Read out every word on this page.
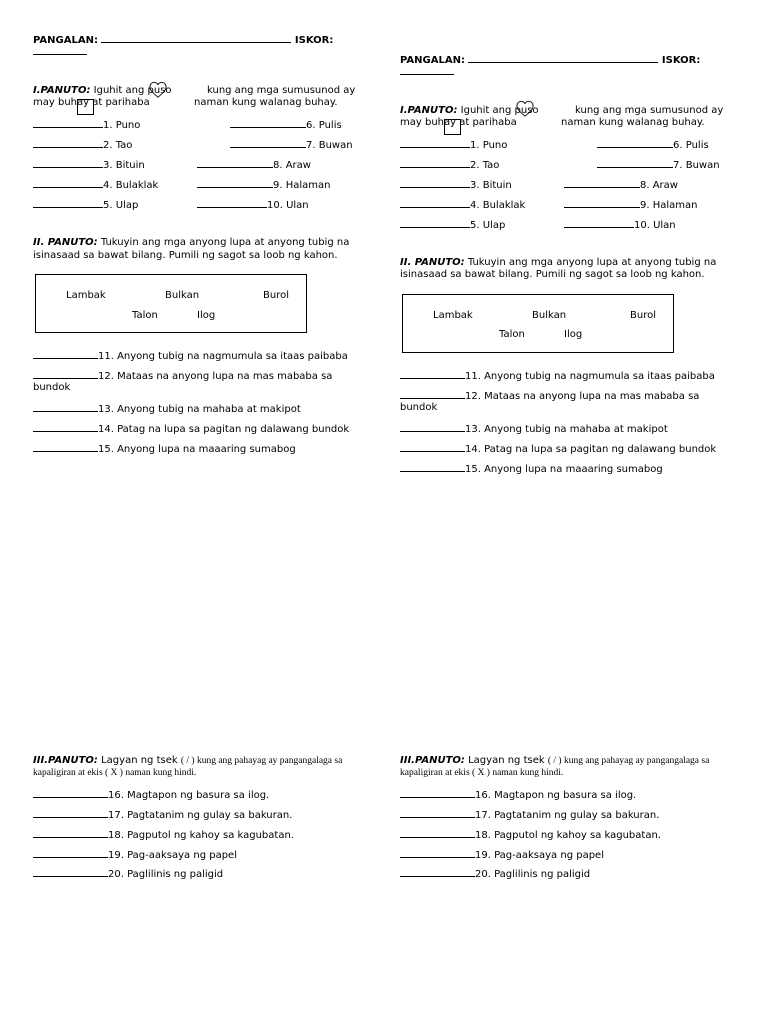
PANGALAN:	ISKOR:
I.PANUTO: Iguhit ang puso	kung ang mga sumusunod ay
may buhay at parihaba	naman kung walanag buhay.
1. Puno
2. Tao
3. Bituin
4. Bulaklak
5. Ulap
6. Pulis
7. Buwan
8. Araw
9. Halaman
10. Ulan
II. PANUTO: Tukuyin ang mga anyong lupa at anyong tubig na
isinasaad sa bawat bilang. Pumili ng sagot sa loob ng kahon.
Lambak	Bulkan	Burol
Talon	Ilog
11. Anyong tubig na nagmumula sa itaas paibaba
12. Mataas na anyong lupa na mas mababa sa
bundok
13. Anyong tubig na mahaba at makipot
14. Patag na lupa sa pagitan ng dalawang bundok
15. Anyong lupa na maaaring sumabog
III.PANUTO: Lagyan ng tsek ( / ) kung ang pahayag ay pangangalaga sa
kapaligiran at ekis ( X ) naman kung hindi.
16. Magtapon ng basura sa ilog.
17. Pagtatanim ng gulay sa bakuran.
18. Pagputol ng kahoy sa kagubatan.
19. Pag-aaksaya ng papel
20. Paglilinis ng paligid
PANGALAN:	ISKOR:
I.PANUTO: Iguhit ang puso	kung ang mga sumusunod ay
may buhay at parihaba	naman kung walanag buhay.
1. Puno
2. Tao
3. Bituin
4. Bulaklak
5. Ulap
6. Pulis
7. Buwan
8. Araw
9. Halaman
10. Ulan
II. PANUTO: Tukuyin ang mga anyong lupa at anyong tubig na
isinasaad sa bawat bilang. Pumili ng sagot sa loob ng kahon.
Lambak	Bulkan	Burol
Talon	Ilog
11. Anyong tubig na nagmumula sa itaas paibaba
12. Mataas na anyong lupa na mas mababa sa
bundok
13. Anyong tubig na mahaba at makipot
14. Patag na lupa sa pagitan ng dalawang bundok
15. Anyong lupa na maaaring sumabog
III.PANUTO: Lagyan ng tsek ( / ) kung ang pahayag ay pangangalaga sa
kapaligiran at ekis ( X ) naman kung hindi.
16. Magtapon ng basura sa ilog.
17. Pagtatanim ng gulay sa bakuran.
18. Pagputol ng kahoy sa kagubatan.
19. Pag-aaksaya ng papel
20. Paglilinis ng paligid
